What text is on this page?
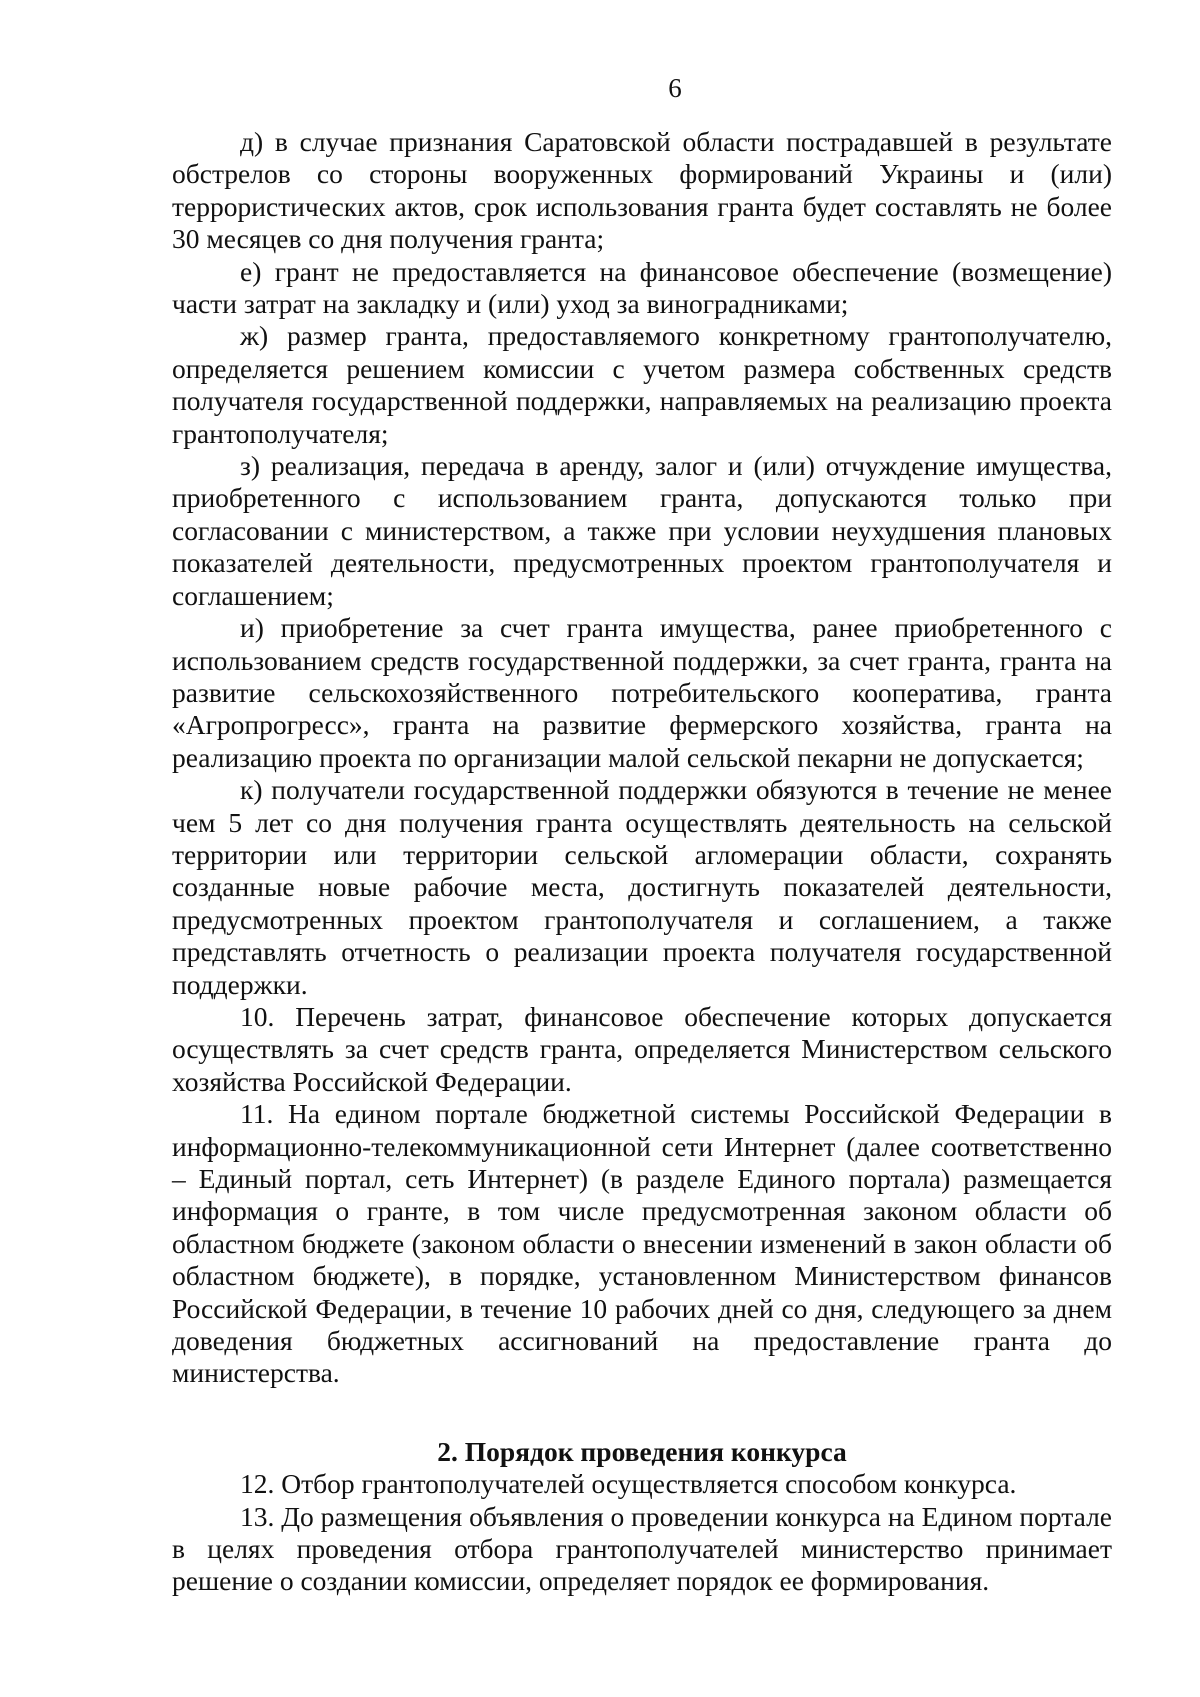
6

д) в случае признания Саратовской области пострадавшей в результате обстрелов со стороны вооруженных формирований Украины и (или) террористических актов, срок использования гранта будет составлять не более 30 месяцев со дня получения гранта;

е) грант не предоставляется на финансовое обеспечение (возмещение) части затрат на закладку и (или) уход за виноградниками;

ж) размер гранта, предоставляемого конкретному грантополучателю, определяется решением комиссии с учетом размера собственных средств получателя государственной поддержки, направляемых на реализацию проекта грантополучателя;

з) реализация, передача в аренду, залог и (или) отчуждение имущества, приобретенного с использованием гранта, допускаются только при согласовании с министерством, а также при условии неухудшения плановых показателей деятельности, предусмотренных проектом грантополучателя и соглашением;

и) приобретение за счет гранта имущества, ранее приобретенного с использованием средств государственной поддержки, за счет гранта, гранта на развитие сельскохозяйственного потребительского кооператива, гранта «Агропрогресс», гранта на развитие фермерского хозяйства, гранта на реализацию проекта по организации малой сельской пекарни не допускается;

к) получатели государственной поддержки обязуются в течение не менее чем 5 лет со дня получения гранта осуществлять деятельность на сельской территории или территории сельской агломерации области, сохранять созданные новые рабочие места, достигнуть показателей деятельности, предусмотренных проектом грантополучателя и соглашением, а также представлять отчетность о реализации проекта получателя государственной поддержки.

10. Перечень затрат, финансовое обеспечение которых допускается осуществлять за счет средств гранта, определяется Министерством сельского хозяйства Российской Федерации.

11. На едином портале бюджетной системы Российской Федерации в информационно-телекоммуникационной сети Интернет (далее соответственно – Единый портал, сеть Интернет) (в разделе Единого портала) размещается информация о гранте, в том числе предусмотренная законом области об областном бюджете (законом области о внесении изменений в закон области об областном бюджете), в порядке, установленном Министерством финансов Российской Федерации, в течение 10 рабочих дней со дня, следующего за днем доведения бюджетных ассигнований на предоставление гранта до министерства.

2. Порядок проведения конкурса

12. Отбор грантополучателей осуществляется способом конкурса.

13. До размещения объявления о проведении конкурса на Едином портале в целях проведения отбора грантополучателей министерство принимает решение о создании комиссии, определяет порядок ее формирования.
